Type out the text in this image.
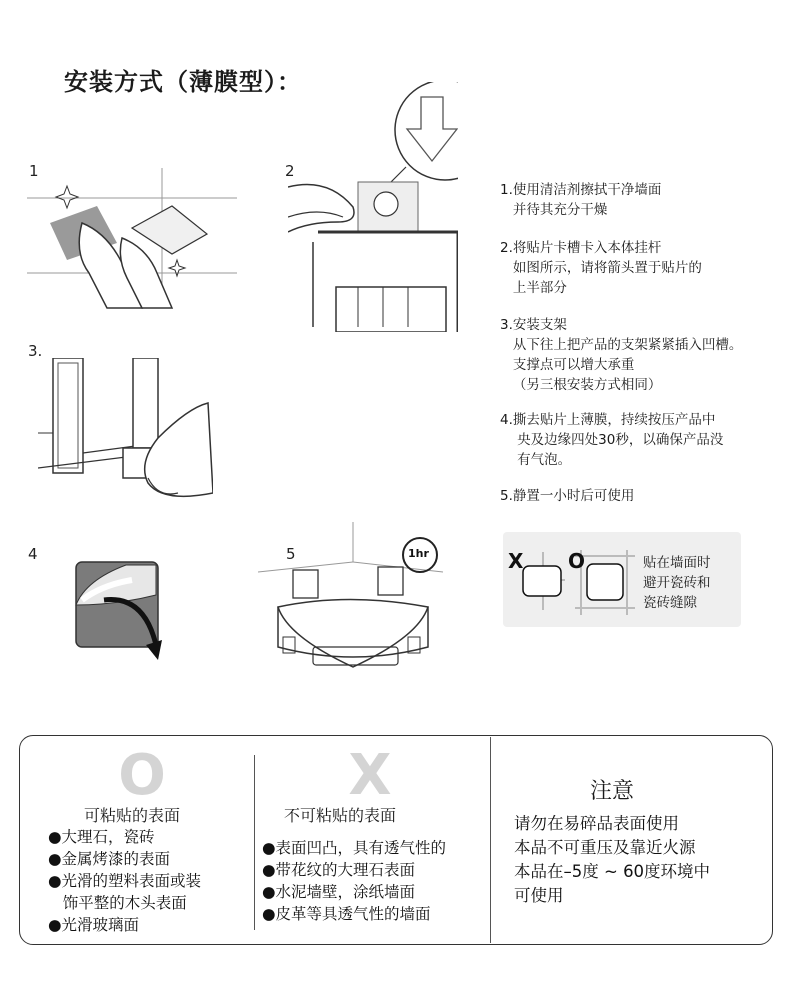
安装方式（薄膜型）：
1	2
3.
4	5	1hr
1.使用清洁剂擦拭干净墙面
并待其充分干燥
2.将贴片卡槽卡入本体挂杆
如图所示，请将箭头置于贴片的
上半部分
3.安装支架
从下往上把产品的支架紧紧插入凹槽。
支撑点可以增大承重
（另三根安装方式相同）
4.撕去贴片上薄膜，持续按压产品中
央及边缘四处30秒，以确保产品没
有气泡。
5.静置一小时后可使用
X O	贴在墙面时
避开瓷砖和
瓷砖缝隙
O
可粘贴的表面
●大理石，瓷砖
●金属烤漆的表面
●光滑的塑料表面或装
饰平整的木头表面
●光滑玻璃面
X
不可粘贴的表面
●表面凹凸，具有透气性的
●带花纹的大理石表面
●水泥墙壁，涂纸墙面
●皮革等具透气性的墙面
注意
请勿在易碎品表面使用
本品不可重压及靠近火源
本品在–5度 ~ 60度环境中
可使用
